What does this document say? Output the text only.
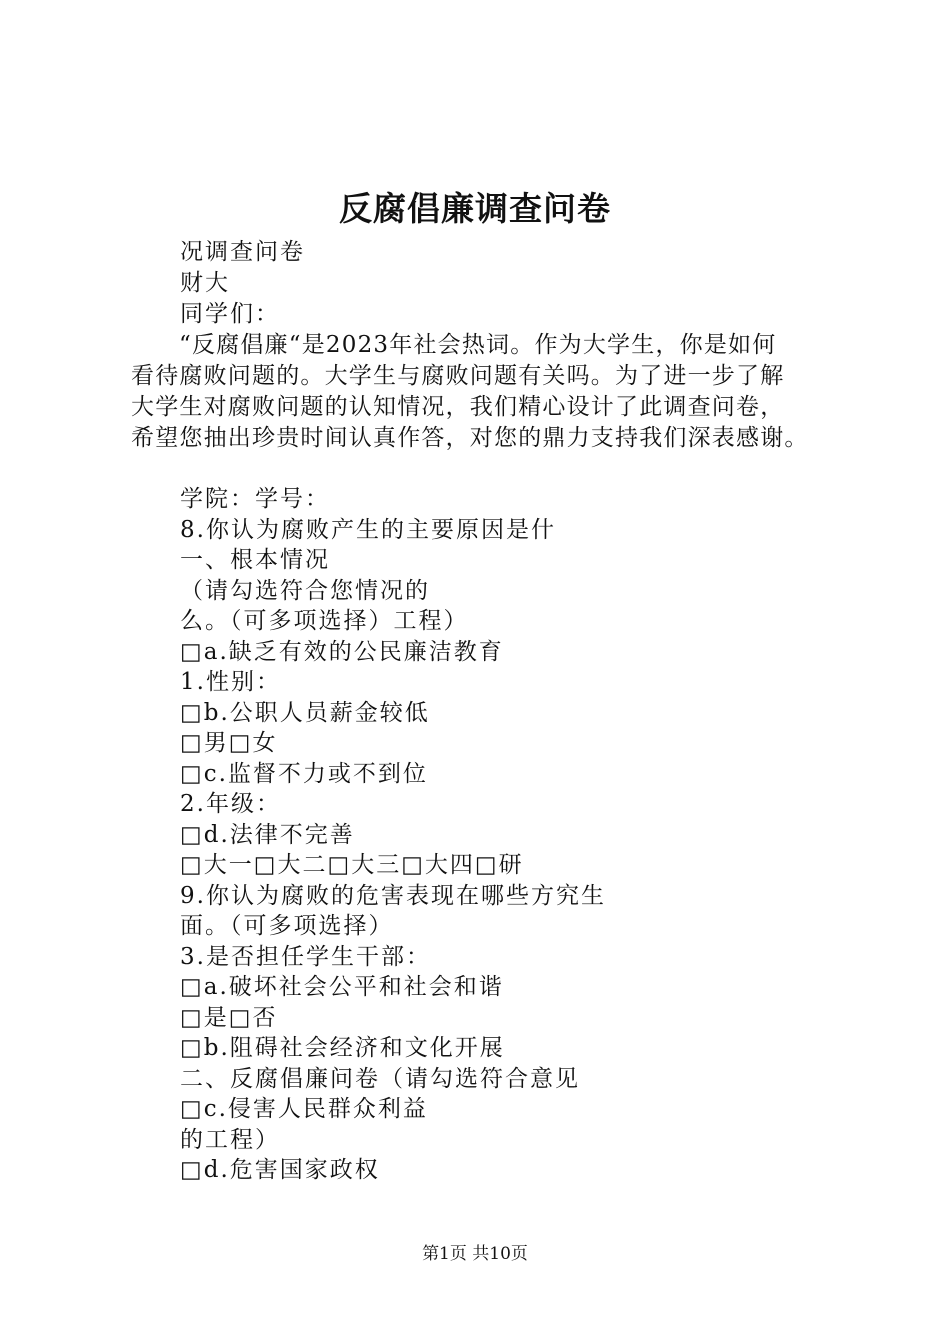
反腐倡廉调查问卷
况调查问卷
财大
同学们：
“反腐倡廉“是2023年社会热词。作为大学生，你是如何
看待腐败问题的。大学生与腐败问题有关吗。为了进一步了解
大学生对腐败问题的认知情况，我们精心设计了此调查问卷，
希望您抽出珍贵时间认真作答，对您的鼎力支持我们深表感谢。
学院：学号：
8.你认为腐败产生的主要原因是什
一、根本情况
（请勾选符合您情况的
么。（可多项选择）工程）
□a.缺乏有效的公民廉洁教育
1.性别：
□b.公职人员薪金较低
□男□女
□c.监督不力或不到位
2.年级：
□d.法律不完善
□大一□大二□大三□大四□研
9.你认为腐败的危害表现在哪些方究生
面。（可多项选择）
3.是否担任学生干部：
□a.破坏社会公平和社会和谐
□是□否
□b.阻碍社会经济和文化开展
二、反腐倡廉问卷（请勾选符合意见
□c.侵害人民群众利益
的工程）
□d.危害国家政权
第1页 共10页
